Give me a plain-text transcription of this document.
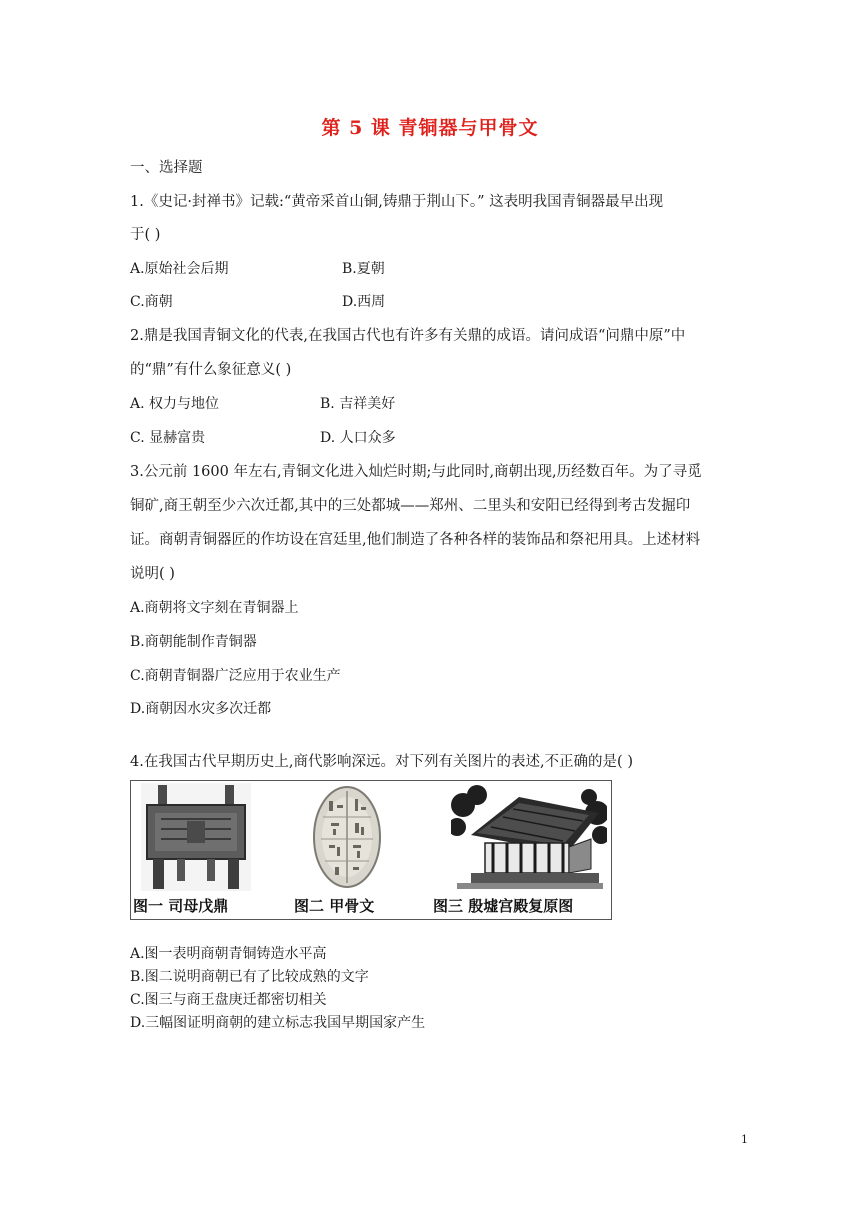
第 5 课 青铜器与甲骨文
一、选择题
1.《史记·封禅书》记载:“黄帝采首山铜,铸鼎于荆山下。” 这表明我国青铜器最早出现
于( )
A.原始社会后期	B.夏朝
C.商朝	D.西周
2.鼎是我国青铜文化的代表,在我国古代也有许多有关鼎的成语。请问成语“问鼎中原”中
的“鼎”有什么象征意义( )
A. 权力与地位	B. 吉祥美好
C. 显赫富贵	D. 人口众多
3.公元前 1600 年左右,青铜文化进入灿烂时期;与此同时,商朝出现,历经数百年。为了寻觅
铜矿,商王朝至少六次迁都,其中的三处都城——郑州、二里头和安阳已经得到考古发掘印
证。商朝青铜器匠的作坊设在宫廷里,他们制造了各种各样的装饰品和祭祀用具。上述材料
说明( )
A.商朝将文字刻在青铜器上
B.商朝能制作青铜器
C.商朝青铜器广泛应用于农业生产
D.商朝因水灾多次迁都
4.在我国古代早期历史上,商代影响深远。对下列有关图片的表述,不正确的是( )
图一 司母戊鼎	图二 甲骨文	图三 殷墟宫殿复原图
A.图一表明商朝青铜铸造水平高
B.图二说明商朝已有了比较成熟的文字
C.图三与商王盘庚迁都密切相关
D.三幅图证明商朝的建立标志我国早期国家产生
1
